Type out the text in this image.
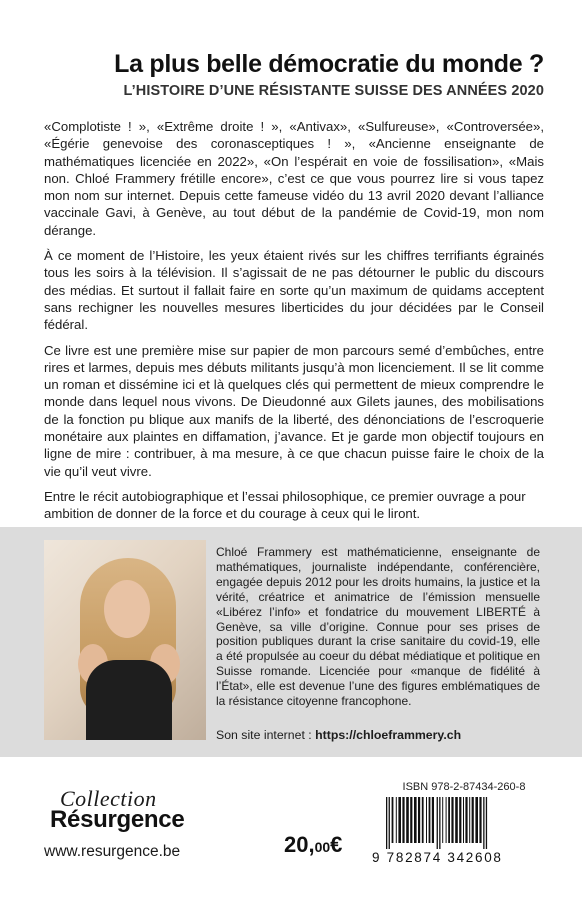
La plus belle démocratie du monde ?
L’HISTOIRE D’UNE RÉSISTANTE SUISSE DES ANNÉES 2020

«Complotiste ! », «Extrême droite ! », «Antivax», «Sulfureuse», «Controversée», «Égérie genevoise des coronasceptiques ! », «Ancienne enseignante de mathématiques licenciée en 2022», «On l’espérait en voie de fossilisation», «Mais non. Chloé Frammery frétille encore», c’est ce que vous pourrez lire si vous tapez mon nom sur internet. Depuis cette fameuse vidéo du 13 avril 2020 devant l’alliance vaccinale Gavi, à Genève, au tout début de la pandémie de Covid-19, mon nom dérange.

À ce moment de l’Histoire, les yeux étaient rivés sur les chiffres terrifiants égrainés tous les soirs à la télévision. Il s’agissait de ne pas détourner le public du discours des médias. Et surtout il fallait faire en sorte qu’un maximum de quidams acceptent sans rechigner les nouvelles mesures liberticides du jour décidées par le Conseil fédéral.

Ce livre est une première mise sur papier de mon parcours semé d’embûches, entre rires et larmes, depuis mes débuts militants jusqu’à mon licenciement. Il se lit comme un roman et dissémine ici et là quelques clés qui permettent de mieux comprendre le monde dans lequel nous vivons. De Dieudonné aux Gilets jaunes, des mobilisations de la fonction pu blique aux manifs de la liberté, des dénonciations de l’escroquerie monétaire aux plaintes en diffamation, j’avance. Et je garde mon objectif toujours en ligne de mire : contribuer, à ma mesure, à ce que chacun puisse faire le choix de la vie qu’il veut vivre.

Entre le récit autobiographique et l’essai philosophique, ce premier ouvrage a pour ambition de donner de la force et du courage à ceux qui le liront.

Chloé Frammery est mathématicienne, enseignante de mathématiques, journaliste indépendante, conférencière, engagée depuis 2012 pour les droits humains, la justice et la vérité, créatrice et animatrice de l’émission mensuelle «Libérez l’info» et fondatrice du mouvement LIBERTÉ à Genève, sa ville d’origine. Connue pour ses prises de position publiques durant la crise sanitaire du covid-19, elle a été propulsée au coeur du débat médiatique et politique en Suisse romande. Licenciée pour «manque de fidélité à l’État», elle est devenue l’une des figures emblématiques de la résistance citoyenne francophone.

Son site internet : https://chloeframmery.ch
Collection
Résurgence
www.resurgence.be	20,00€
ISBN 978-2-87434-260-8
9 782874 342608
